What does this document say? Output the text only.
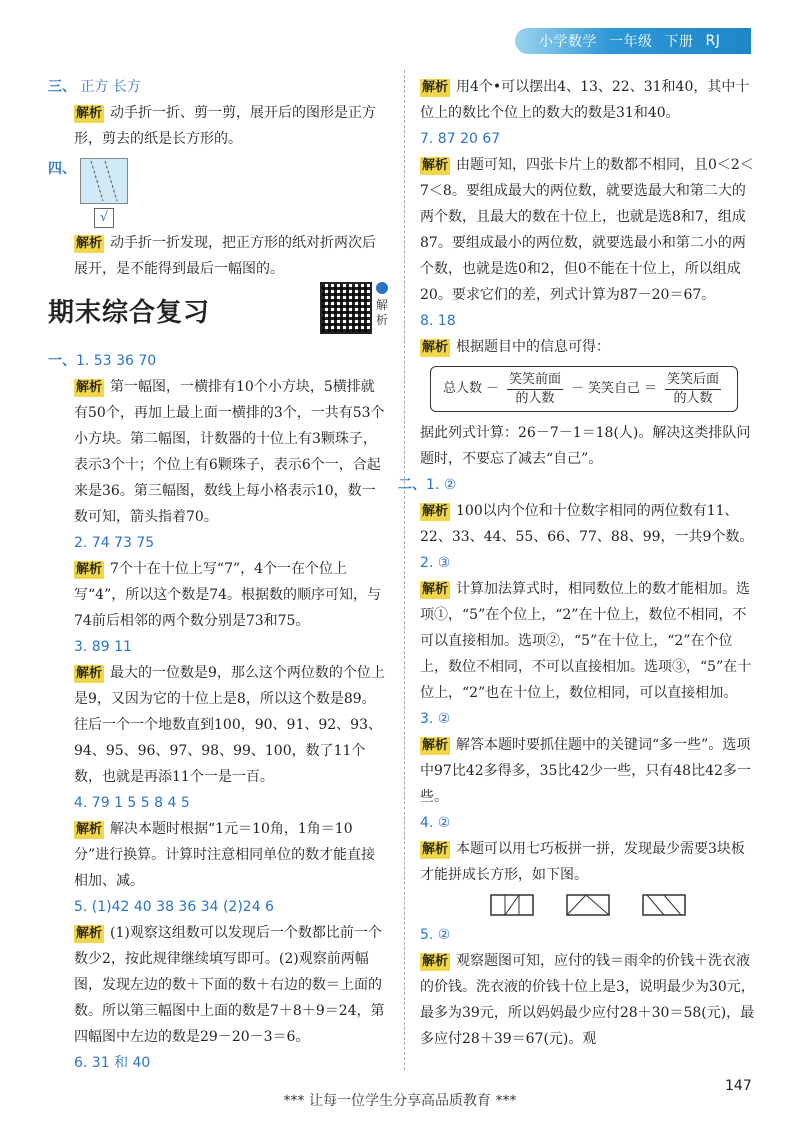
小学数学 一年级 下册 RJ
三、 正方 长方
解析 动手折一折、剪一剪，展开后的图形是正方形，剪去的纸是长方形的。
四、
√
解析 动手折一折发现，把正方形的纸对折两次后展开，是不能得到最后一幅图的。
期末综合复习	解析
一、1. 53 36 70
解析 第一幅图，一横排有10个小方块，5横排就有50个，再加上最上面一横排的3个，一共有53个小方块。第二幅图，计数器的十位上有3颗珠子，表示3个十；个位上有6颗珠子，表示6个一，合起来是36。第三幅图，数线上每小格表示10，数一数可知，箭头指着70。
2. 74 73 75
解析 7个十在十位上写“7”，4个一在个位上写“4”，所以这个数是74。根据数的顺序可知，与74前后相邻的两个数分别是73和75。
3. 89 11
解析 最大的一位数是9，那么这个两位数的个位上是9，又因为它的十位上是8，所以这个数是89。往后一个一个地数直到100，90、91、92、93、94、95、96、97、98、99、100，数了11个数，也就是再添11个一是一百。
4. 79 1 5 5 8 4 5
解析 解决本题时根据“1元＝10角，1角＝10分”进行换算。计算时注意相同单位的数才能直接相加、减。
5. (1)42 40 38 36 34 (2)24 6
解析 (1)观察这组数可以发现后一个数都比前一个数少2，按此规律继续填写即可。(2)观察前两幅图，发现左边的数＋下面的数＋右边的数＝上面的数。所以第三幅图中上面的数是7＋8＋9＝24，第四幅图中左边的数是29－20－3＝6。
6. 31 和 40
解析 用4个•可以摆出4、13、22、31和40，其中十位上的数比个位上的数大的数是31和40。
7. 87 20 67
解析 由题可知，四张卡片上的数都不相同，且0＜2＜7＜8。要组成最大的两位数，就要选最大和第二大的两个数，且最大的数在十位上，也就是选8和7，组成87。要组成最小的两位数，就要选最小和第二小的两个数，也就是选0和2，但0不能在十位上，所以组成20。要求它们的差，列式计算为87－20＝67。
8. 18
解析 根据题目中的信息可得：
总人数 － $\frac{\text{笑笑前面}}{\text{的人数}}$ － 笑笑自己 ＝ $\frac{\text{笑笑后面}}{\text{的人数}}$
据此列式计算：26－7－1＝18(人)。解决这类排队问题时，不要忘了减去“自己”。
二、1. ②
解析 100以内个位和十位数字相同的两位数有11、22、33、44、55、66、77、88、99，一共9个数。
2. ③
解析 计算加法算式时，相同数位上的数才能相加。选项①，“5”在个位上，“2”在十位上，数位不相同，不可以直接相加。选项②，“5”在十位上，“2”在个位上，数位不相同，不可以直接相加。选项③，“5”在十位上，“2”也在十位上，数位相同，可以直接相加。
3. ②
解析 解答本题时要抓住题中的关键词“多一些”。选项中97比42多得多，35比42少一些，只有48比42多一些。
4. ②
解析 本题可以用七巧板拼一拼，发现最少需要3块板才能拼成长方形，如下图。
5. ②
解析 观察题图可知，应付的钱＝雨伞的价钱＋洗衣液的价钱。洗衣液的价钱十位上是3，说明最少为30元，最多为39元，所以妈妈最少应付28＋30＝58(元)，最多应付28＋39＝67(元)。观
*** 让每一位学生分享高品质教育 ***
147
